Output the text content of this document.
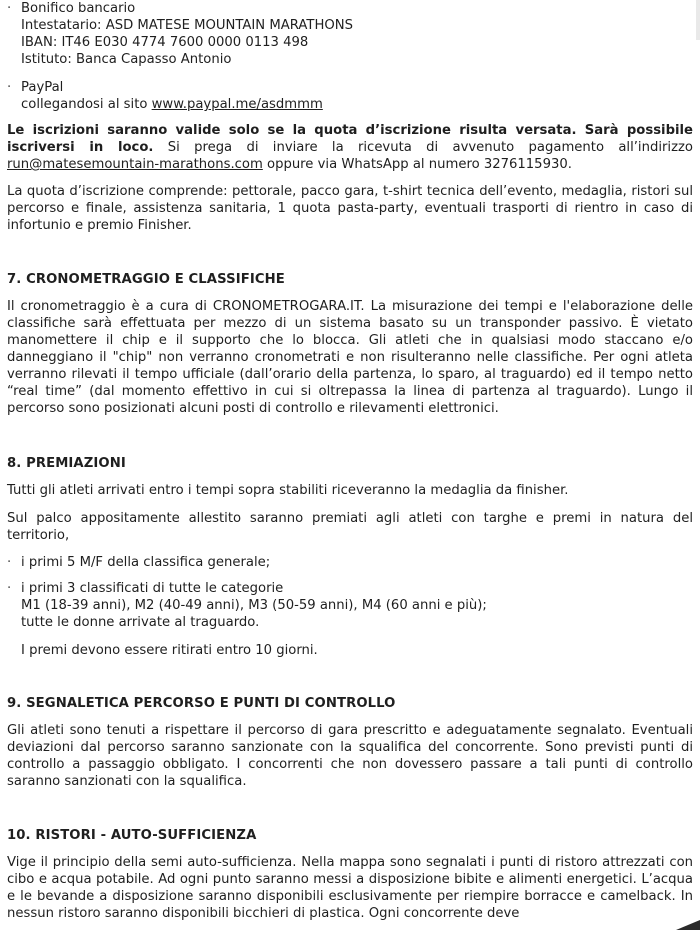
· Bonifico bancario
Intestatario: ASD MATESE MOUNTAIN MARATHONS
IBAN: IT46 E030 4774 7600 0000 0113 498
Istituto: Banca Capasso Antonio
· PayPal
collegandosi al sito www.paypal.me/asdmmm

Le iscrizioni saranno valide solo se la quota d’iscrizione risulta versata. Sarà possibile iscriversi in loco. Si prega di inviare la ricevuta di avvenuto pagamento all’indirizzo run@matesemountain-marathons.com oppure via WhatsApp al numero 3276115930.

La quota d’iscrizione comprende: pettorale, pacco gara, t-shirt tecnica dell’evento, medaglia, ristori sul percorso e finale, assistenza sanitaria, 1 quota pasta-party, eventuali trasporti di rientro in caso di infortunio e premio Finisher.

7. CRONOMETRAGGIO E CLASSIFICHE

Il cronometraggio è a cura di CRONOMETROGARA.IT. La misurazione dei tempi e l'elaborazione delle classifiche sarà effettuata per mezzo di un sistema basato su un transponder passivo. È vietato manomettere il chip e il supporto che lo blocca. Gli atleti che in qualsiasi modo staccano e/o danneggiano il "chip" non verranno cronometrati e non risulteranno nelle classifiche. Per ogni atleta verranno rilevati il tempo ufficiale (dall’orario della partenza, lo sparo, al traguardo) ed il tempo netto “real time” (dal momento effettivo in cui si oltrepassa la linea di partenza al traguardo). Lungo il percorso sono posizionati alcuni posti di controllo e rilevamenti elettronici.

8. PREMIAZIONI

Tutti gli atleti arrivati entro i tempi sopra stabiliti riceveranno la medaglia da finisher.

Sul palco appositamente allestito saranno premiati agli atleti con targhe e premi in natura del territorio,

· i primi 5 M/F della classifica generale;
· i primi 3 classificati di tutte le categorie
M1 (18-39 anni), M2 (40-49 anni), M3 (50-59 anni), M4 (60 anni e più);
tutte le donne arrivate al traguardo.

I premi devono essere ritirati entro 10 giorni.

9. SEGNALETICA PERCORSO E PUNTI DI CONTROLLO

Gli atleti sono tenuti a rispettare il percorso di gara prescritto e adeguatamente segnalato. Eventuali deviazioni dal percorso saranno sanzionate con la squalifica del concorrente. Sono previsti punti di controllo a passaggio obbligato. I concorrenti che non dovessero passare a tali punti di controllo saranno sanzionati con la squalifica.

10. RISTORI - AUTO-SUFFICIENZA

Vige il principio della semi auto-sufficienza. Nella mappa sono segnalati i punti di ristoro attrezzati con cibo e acqua potabile. Ad ogni punto saranno messi a disposizione bibite e alimenti energetici. L’acqua e le bevande a disposizione saranno disponibili esclusivamente per riempire borracce e camelback. In nessun ristoro saranno disponibili bicchieri di plastica. Ogni concorrente deve
